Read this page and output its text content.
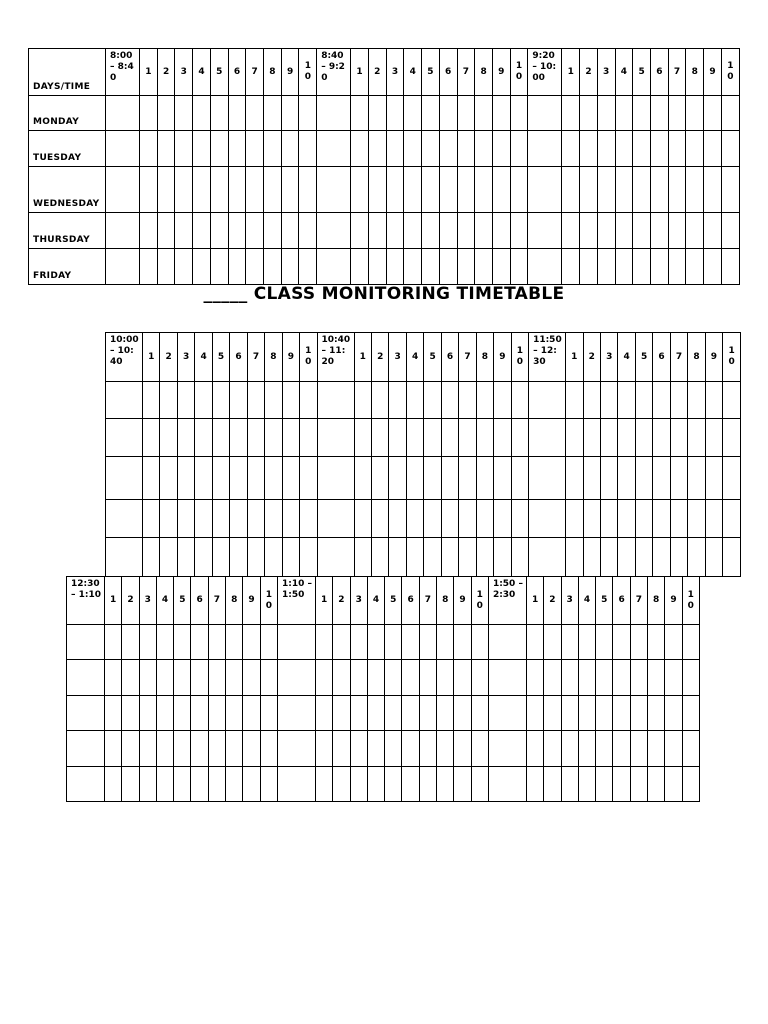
DAYS/TIME	8:00 – 8:40	1	2	3	4	5	6	7	8	9	10	8:40 – 9:20	1	2	3	4	5	6	7	8	9	10	9:20 – 10:00	1	2	3	4	5	6	7	8	9	10
MONDAY																																	
TUESDAY																																	
WEDNESDAY																																	
THURSDAY																																	
FRIDAY																																	
_____ CLASS MONITORING TIMETABLE
10:00 – 10:40	1	2	3	4	5	6	7	8	9	10	10:40 – 11:20	1	2	3	4	5	6	7	8	9	10	11:50 – 12:30	1	2	3	4	5	6	7	8	9	10

12:30 – 1:10	1	2	3	4	5	6	7	8	9	10	1:10 – 1:50	1	2	3	4	5	6	7	8	9	10	1:50 – 2:30	1	2	3	4	5	6	7	8	9	10
